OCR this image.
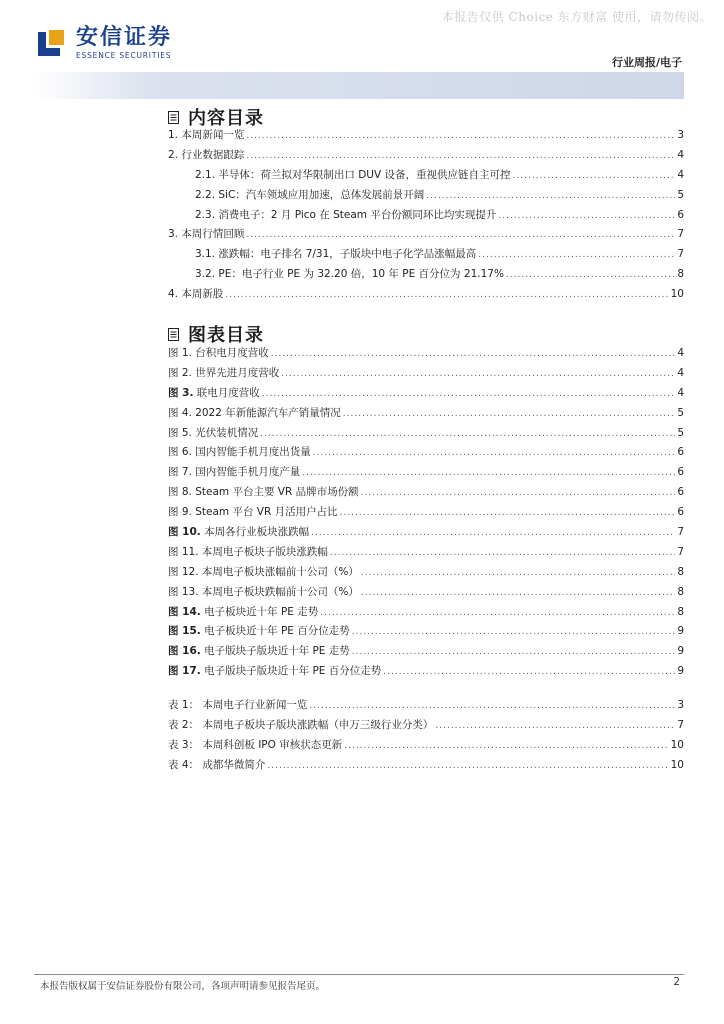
本报告仅供 Choice 东方财富 使用，请勿传阅。
安信证券
ESSENCE SECURITIES
行业周报/电子
内容目录
1. 本周新闻一览 .....	3
2. 行业数据跟踪 .....	4
2.1. 半导体：荷兰拟对华限制出口 DUV 设备，重视供应链自主可控 .....	4
2.2. SiC：汽车领域应用加速，总体发展前景开阔 .....	5
2.3. 消费电子：2 月 Pico 在 Steam 平台份额同环比均实现提升 .....	6
3. 本周行情回顾 .....	7
3.1. 涨跌幅：电子排名 7/31，子版块中电子化学品涨幅最高 .....	7
3.2. PE：电子行业 PE 为 32.20 倍，10 年 PE 百分位为 21.17% .....	8
4. 本周新股 .....	10
图表目录
图 1. 台积电月度营收 .....	4
图 2. 世界先进月度营收 .....	4
图 3. 联电月度营收 .....	4
图 4. 2022 年新能源汽车产销量情况 .....	5
图 5. 光伏装机情况 .....	5
图 6. 国内智能手机月度出货量 .....	6
图 7. 国内智能手机月度产量 .....	6
图 8. Steam 平台主要 VR 品牌市场份额 .....	6
图 9. Steam 平台 VR 月活用户占比 .....	6
图 10. 本周各行业板块涨跌幅 .....	7
图 11. 本周电子板块子版块涨跌幅 .....	7
图 12. 本周电子板块涨幅前十公司（%） .....	8
图 13. 本周电子板块跌幅前十公司（%） .....	8
图 14. 电子板块近十年 PE 走势 .....	8
图 15. 电子板块近十年 PE 百分位走势 .....	9
图 16. 电子版块子版块近十年 PE 走势 .....	9
图 17. 电子版块子版块近十年 PE 百分位走势 .....	9
表 1： 本周电子行业新闻一览 .....	3
表 2： 本周电子板块子版块涨跌幅（申万三级行业分类） .....	7
表 3： 本周科创板 IPO 审核状态更新 .....	10
表 4： 成都华微简介 .....	10
本报告版权属于安信证券股份有限公司，各项声明请参见报告尾页。	2
